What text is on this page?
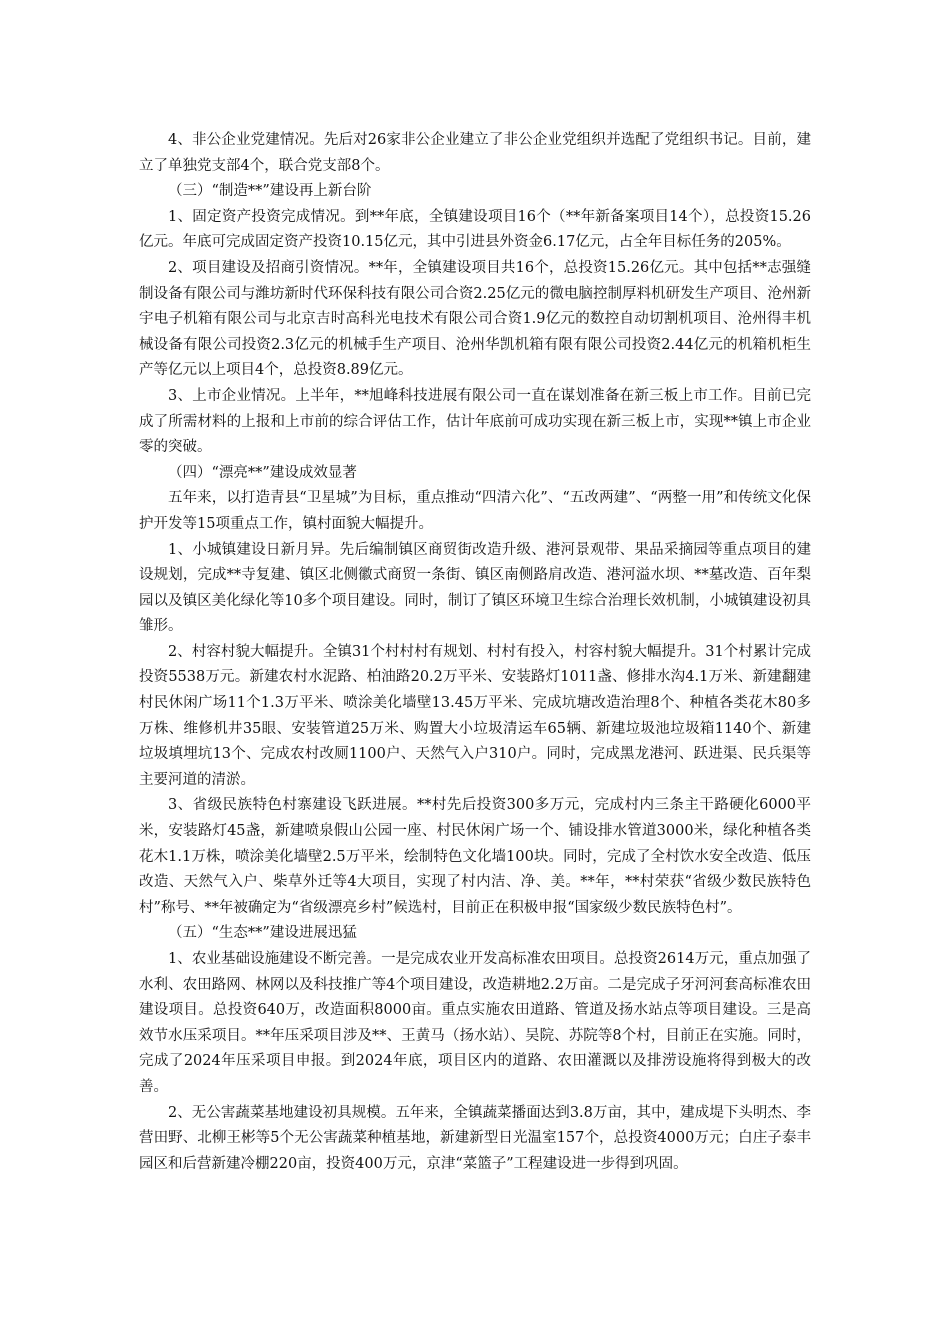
4、非公企业党建情况。先后对26家非公企业建立了非公企业党组织并选配了党组织书记。目前，建立了单独党支部4个，联合党支部8个。

（三）“制造**”建设再上新台阶

1、固定资产投资完成情况。到**年底，全镇建设项目16个（**年新备案项目14个），总投资15.26亿元。年底可完成固定资产投资10.15亿元，其中引进县外资金6.17亿元，占全年目标任务的205%。

2、项目建设及招商引资情况。**年，全镇建设项目共16个，总投资15.26亿元。其中包括**志强缝制设备有限公司与潍坊新时代环保科技有限公司合资2.25亿元的微电脑控制厚料机研发生产项目、沧州新宇电子机箱有限公司与北京吉时高科光电技术有限公司合资1.9亿元的数控自动切割机项目、沧州得丰机械设备有限公司投资2.3亿元的机械手生产项目、沧州华凯机箱有限有限公司投资2.44亿元的机箱机柜生产等亿元以上项目4个，总投资8.89亿元。

3、上市企业情况。上半年，**旭峰科技进展有限公司一直在谋划准备在新三板上市工作。目前已完成了所需材料的上报和上市前的综合评估工作，估计年底前可成功实现在新三板上市，实现**镇上市企业零的突破。

（四）“漂亮**”建设成效显著

五年来，以打造青县“卫星城”为目标，重点推动“四清六化”、“五改两建”、“两整一用”和传统文化保护开发等15项重点工作，镇村面貌大幅提升。

1、小城镇建设日新月异。先后编制镇区商贸街改造升级、港河景观带、果品采摘园等重点项目的建设规划，完成**寺复建、镇区北侧徽式商贸一条街、镇区南侧路肩改造、港河溢水坝、**墓改造、百年梨园以及镇区美化绿化等10多个项目建设。同时，制订了镇区环境卫生综合治理长效机制，小城镇建设初具雏形。

2、村容村貌大幅提升。全镇31个村村村有规划、村村有投入，村容村貌大幅提升。31个村累计完成投资5538万元。新建农村水泥路、柏油路20.2万平米、安装路灯1011盏、修排水沟4.1万米、新建翻建村民休闲广场11个1.3万平米、喷涂美化墙壁13.45万平米、完成坑塘改造治理8个、种植各类花木80多万株、维修机井35眼、安装管道25万米、购置大小垃圾清运车65辆、新建垃圾池垃圾箱1140个、新建垃圾填埋坑13个、完成农村改厕1100户、天然气入户310户。同时，完成黑龙港河、跃进渠、民兵渠等主要河道的清淤。

3、省级民族特色村寨建设飞跃进展。**村先后投资300多万元，完成村内三条主干路硬化6000平米，安装路灯45盏，新建喷泉假山公园一座、村民休闲广场一个、铺设排水管道3000米，绿化种植各类花木1.1万株，喷涂美化墙壁2.5万平米，绘制特色文化墙100块。同时，完成了全村饮水安全改造、低压改造、天然气入户、柴草外迁等4大项目，实现了村内洁、净、美。**年，**村荣获“省级少数民族特色村”称号、**年被确定为“省级漂亮乡村”候选村，目前正在积极申报“国家级少数民族特色村”。

（五）“生态**”建设进展迅猛

1、农业基础设施建设不断完善。一是完成农业开发高标准农田项目。总投资2614万元，重点加强了水利、农田路网、林网以及科技推广等4个项目建设，改造耕地2.2万亩。二是完成子牙河河套高标准农田建设项目。总投资640万，改造面积8000亩。重点实施农田道路、管道及扬水站点等项目建设。三是高效节水压采项目。**年压采项目涉及**、王黄马（扬水站）、吴院、苏院等8个村，目前正在实施。同时，完成了2024年压采项目申报。到2024年底，项目区内的道路、农田灌溉以及排涝设施将得到极大的改善。

2、无公害蔬菜基地建设初具规模。五年来，全镇蔬菜播面达到3.8万亩，其中，建成堤下头明杰、李营田野、北柳王彬等5个无公害蔬菜种植基地，新建新型日光温室157个，总投资4000万元；白庄子泰丰园区和后营新建冷棚220亩，投资400万元，京津“菜篮子”工程建设进一步得到巩固。
